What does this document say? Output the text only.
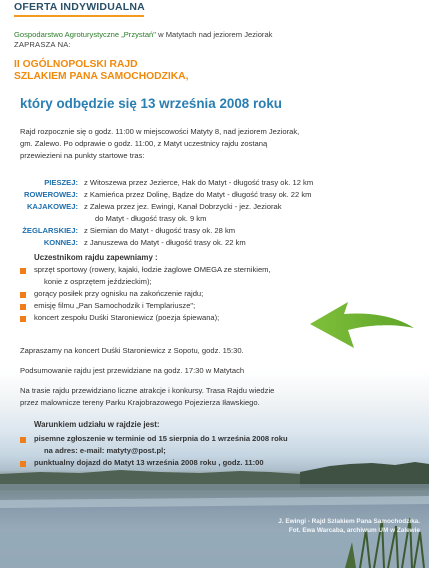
OFERTA INDYWIDUALNA
Gospodarstwo Agroturystyczne „Przystań" w Matytach nad jeziorem Jeziorak
ZAPRASZA NA:
II OGÓLNOPOLSKI RAJD
SZLAKIEM PANA SAMOCHODZIKA,
który odbędzie się 13 września 2008 roku
Rajd rozpocznie się o godz. 11:00 w miejscowości Matyty 8, nad jeziorem Jeziorak,
gm. Zalewo. Po odprawie o godz. 11:00, z Matyt uczestnicy rajdu zostaną
przewiezieni na punkty startowe tras:
PIESZEJ: z Witoszewa przez Jezierce, Hak do Matyt - długość trasy ok. 12 km
ROWEROWEJ: z Kamieńca przez Dolinę, Bądze do Matyt - długość trasy ok. 22 km
KAJAKOWEJ: z Zalewa przez jez. Ewingi, Kanał Dobrzycki - jez. Jeziorak
do Matyt - długość trasy ok. 9 km
ŻEGLARSKIEJ: z Siemian do Matyt - długość trasy ok. 28 km
KONNEJ: z Januszewa do Matyt - długość trasy ok. 22 km
Uczestnikom rajdu zapewniamy :
sprzęt sportowy (rowery, kajaki, łodzie żaglowe OMEGA ze sternikiem,
konie z osprzętem jeździeckim);
gorący posiłek przy ognisku na zakończenie rajdu;
emisję filmu „Pan Samochodzik i Templariusze";
koncert zespołu Duśki Staroniewicz (poezja śpiewana);
Zapraszamy na koncert Duśki Staroniewicz z Sopotu, godz. 15:30.
Podsumowanie rajdu jest przewidziane na godz. 17:30 w Matytach
Na trasie rajdu przewidziano liczne atrakcje i konkursy. Trasa Rajdu wiedzie
przez malownicze tereny Parku Krajobrazowego Pojezierza Iławskiego.
Warunkiem udziału w rajdzie jest:
pisemne zgłoszenie w terminie od 15 sierpnia do 1 września 2008 roku
na adres: e-mail: matyty@post.pl;
punktualny dojazd do Matyt 13 września 2008 roku , godz. 11:00
J. Ewingi - Rajd Szlakiem Pana Samochodzika.
Fot. Ewa Warcaba, archiwum UM w Zalewie
